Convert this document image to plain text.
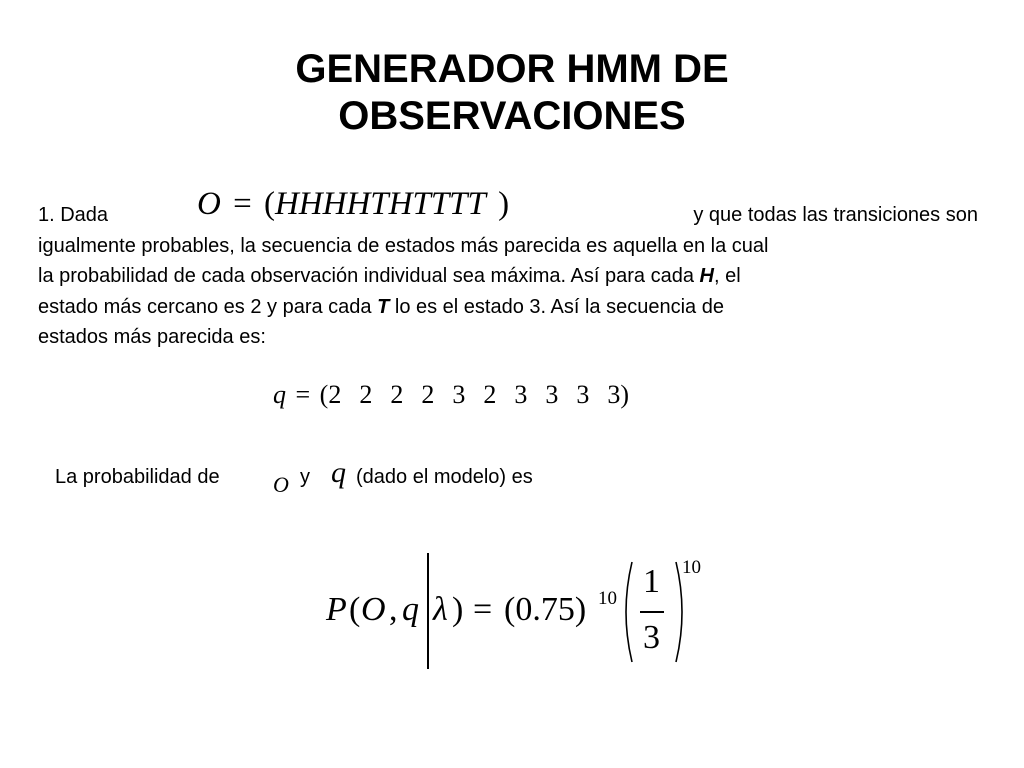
GENERADOR HMM DE
OBSERVACIONES
1. Dada	y que todas las transiciones son
igualmente probables, la secuencia de estados más parecida es aquella en la cual
la probabilidad de cada observación individual sea máxima. Así para cada H, el
estado más cercano es 2 y para cada T lo es el estado 3. Así la secuencia de
estados más parecida es:
O = (HHHHTHTTTT )
q = (2 2 2 2 3 2 3 3 3 3)
La probabilidad de O y q (dado el modelo) es
P ( O , q λ ) = (0.75) 10 1
3
10
